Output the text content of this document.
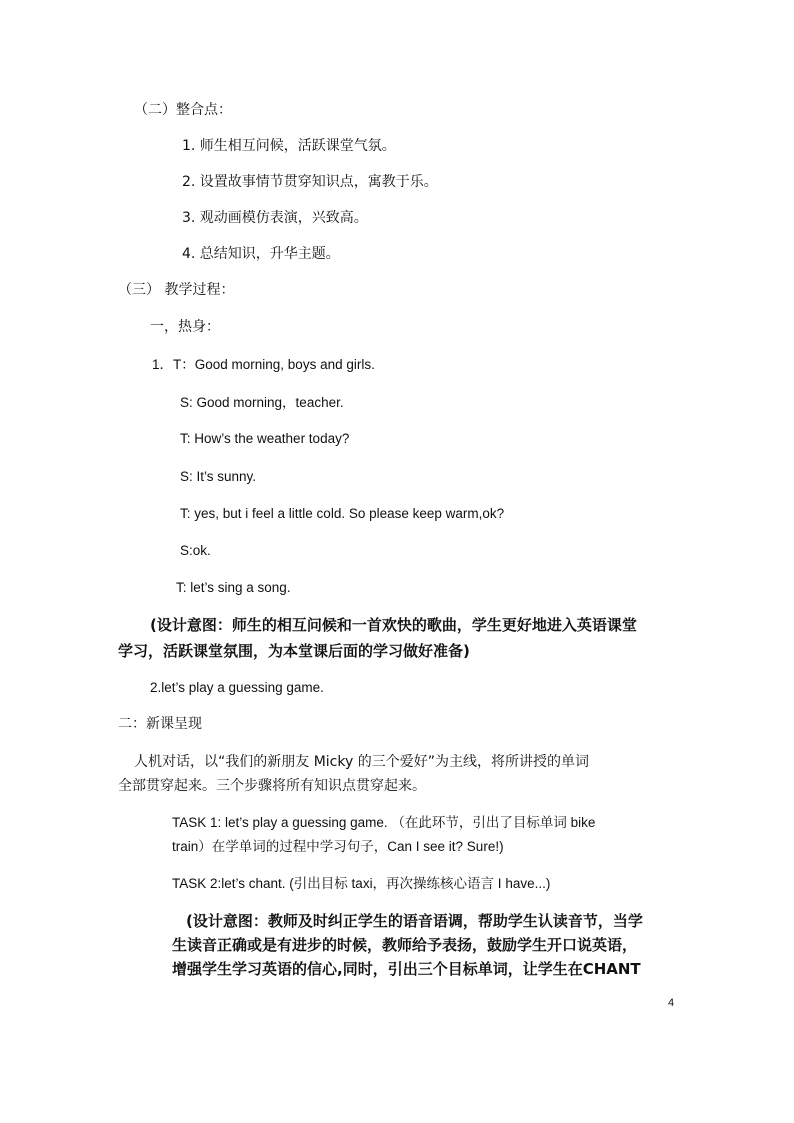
（二）整合点：
1. 师生相互问候，活跃课堂气氛。
2. 设置故事情节贯穿知识点，寓教于乐。
3. 观动画模仿表演，兴致高。
4. 总结知识，升华主题。
（三） 教学过程：
一，热身：
1．T：Good morning, boys and girls.
S: Good morning，teacher.
T: How’s the weather today?
S: It’s sunny.
T: yes, but i feel a little cold. So please keep warm,ok?
S:ok.
T: let’s sing a song.
(设计意图：师生的相互问候和一首欢快的歌曲，学生更好地进入英语课堂
学习，活跃课堂氛围，为本堂课后面的学习做好准备)
2.let’s play a guessing game.
二：新课呈现
人机对话，以“我们的新朋友 Micky 的三个爱好”为主线，将所讲授的单词
全部贯穿起来。三个步骤将所有知识点贯穿起来。
TASK 1: let’s play a guessing game. （在此环节，引出了目标单词 bike
train）在学单词的过程中学习句子，Can I see it? Sure!)
TASK 2:let’s chant. (引出目标 taxi，再次操练核心语言 I have...)
(设计意图：教师及时纠正学生的语音语调，帮助学生认读音节，当学
生读音正确或是有进步的时候，教师给予表扬，鼓励学生开口说英语，
增强学生学习英语的信心,同时，引出三个目标单词，让学生在CHANT
4
